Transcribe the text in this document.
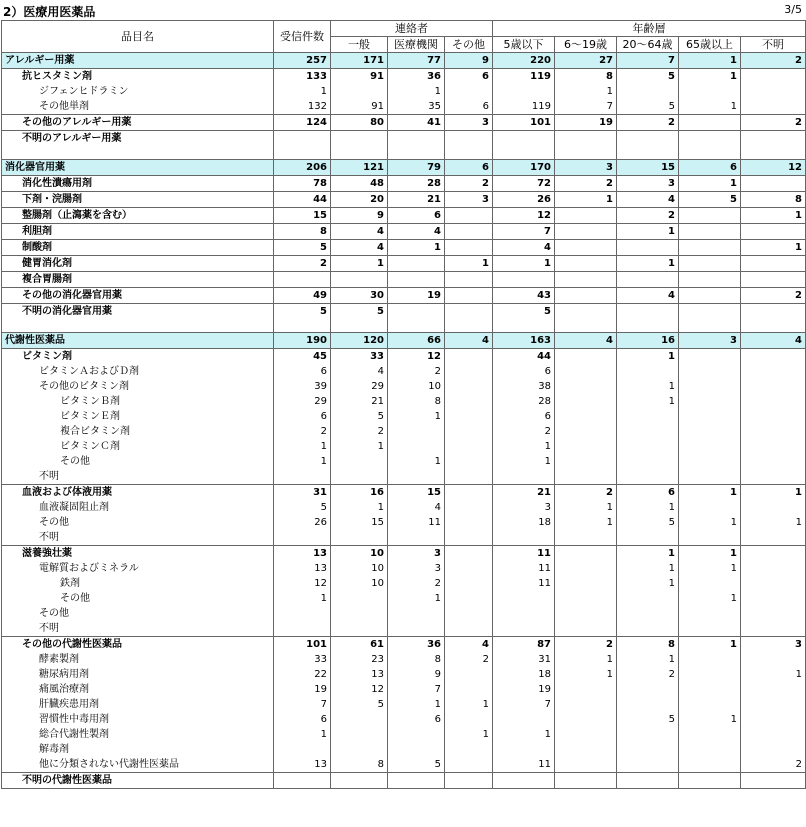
2）医療用医薬品	3/5
品目名	受信件数	連絡者			年齢層				
		一般	医療機関	その他	5歳以下	6～19歳	20～64歳	65歳以上	不明
アレルギー用薬	257	171	77	9	220	27	7	1	2
抗ヒスタミン剤	133	91	36	6	119	8	5	1	
ジフェンヒドラミン	1		1			1			
その他単剤	132	91	35	6	119	7	5	1	
その他のアレルギー用薬	124	80	41	3	101	19	2		2
不明のアレルギー用薬									

消化器官用薬	206	121	79	6	170	3	15	6	12
消化性潰瘍用剤	78	48	28	2	72	2	3	1	
下剤・浣腸剤	44	20	21	3	26	1	4	5	8
整腸剤（止瀉薬を含む）	15	9	6		12		2		1
利胆剤	8	4	4		7		1		
制酸剤	5	4	1		4				1
健胃消化剤	2	1		1	1		1		
複合胃腸剤									
その他の消化器官用薬	49	30	19		43		4		2
不明の消化器官用薬	5	5			5				

代謝性医薬品	190	120	66	4	163	4	16	3	4
ビタミン剤	45	33	12		44		1		
ビタミンＡおよびＤ剤	6	4	2		6				
その他のビタミン剤	39	29	10		38		1		
ビタミンＢ剤	29	21	8		28		1		
ビタミンＥ剤	6	5	1		6				
複合ビタミン剤	2	2			2				
ビタミンＣ剤	1	1			1				
その他	1		1		1				
不明									
血液および体液用薬	31	16	15		21	2	6	1	1
血液凝固阻止剤	5	1	4		3	1	1		
その他	26	15	11		18	1	5	1	1
不明									
滋養強壮薬	13	10	3		11		1	1	
電解質およびミネラル	13	10	3		11		1	1	
鉄剤	12	10	2		11		1		
その他	1		1					1	
その他									
不明									
その他の代謝性医薬品	101	61	36	4	87	2	8	1	3
酵素製剤	33	23	8	2	31	1	1		
糖尿病用剤	22	13	9		18	1	2		1
痛風治療剤	19	12	7		19				
肝臓疾患用剤	7	5	1	1	7				
習慣性中毒用剤	6		6				5	1	
総合代謝性製剤	1			1	1				
解毒剤									
他に分類されない代謝性医薬品	13	8	5		11				2
不明の代謝性医薬品									
